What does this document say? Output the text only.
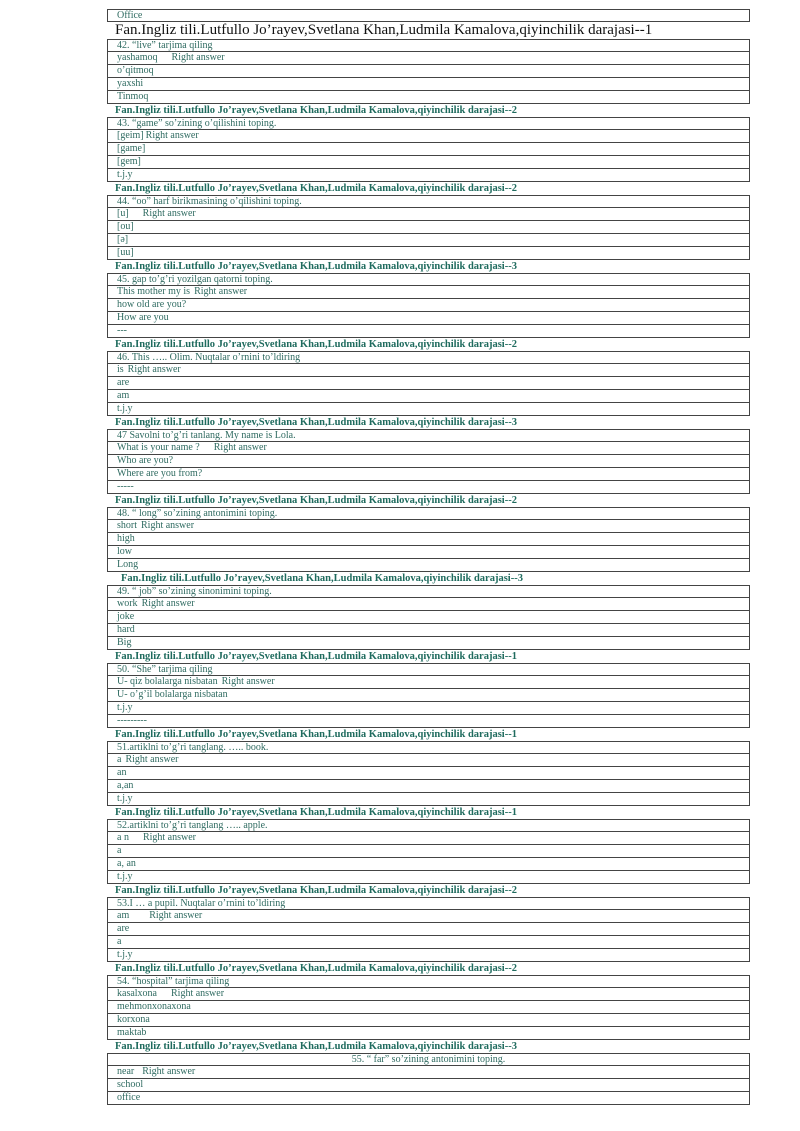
Office
Fan.Ingliz tili.Lutfullo Jo’rayev,Svetlana Khan,Ludmila Kamalova,qiyinchilik darajasi--1
42. “live” tarjima qiling
yashamoq Right answer
o’qitmoq
yaxshi
Tinmoq
Fan.Ingliz tili.Lutfullo Jo’rayev,Svetlana Khan,Ludmila Kamalova,qiyinchilik darajasi--2
43. “game” so’zining o’qilishini toping.
[geim] Right answer
[game]
[gem]
t.j.y
Fan.Ingliz tili.Lutfullo Jo’rayev,Svetlana Khan,Ludmila Kamalova,qiyinchilik darajasi--2
44. “oo” harf birikmasining o’qilishini toping.
[u] Right answer
[ou]
[ə]
[uu]
Fan.Ingliz tili.Lutfullo Jo’rayev,Svetlana Khan,Ludmila Kamalova,qiyinchilik darajasi--3
45. gap to’g’ri yozilgan qatorni toping.
This mother my is Right answer
how old are you?
How are you
---
Fan.Ingliz tili.Lutfullo Jo’rayev,Svetlana Khan,Ludmila Kamalova,qiyinchilik darajasi--2
46. This ….. Olim. Nuqtalar o’rnini to’ldiring
is Right answer
are
am
t.j.y
Fan.Ingliz tili.Lutfullo Jo’rayev,Svetlana Khan,Ludmila Kamalova,qiyinchilik darajasi--3
47 Savolni to’g’ri tanlang. My name is Lola.
What is your name ? Right answer
Who are you?
Where are you from?
-----
Fan.Ingliz tili.Lutfullo Jo’rayev,Svetlana Khan,Ludmila Kamalova,qiyinchilik darajasi--2
48. “ long” so’zining antonimini toping.
short Right answer
high
low
Long
Fan.Ingliz tili.Lutfullo Jo’rayev,Svetlana Khan,Ludmila Kamalova,qiyinchilik darajasi--3
49. “ job” so’zining sinonimini toping.
work Right answer
joke
hard
Big
Fan.Ingliz tili.Lutfullo Jo’rayev,Svetlana Khan,Ludmila Kamalova,qiyinchilik darajasi--1
50. “She” tarjima qiling
U- qiz bolalarga nisbatan Right answer
U- o’g’il bolalarga nisbatan
t.j.y
---------
Fan.Ingliz tili.Lutfullo Jo’rayev,Svetlana Khan,Ludmila Kamalova,qiyinchilik darajasi--1
51.artiklni to’g’ri tanglang. ….. book.
a Right answer
an
a,an
t.j.y
Fan.Ingliz tili.Lutfullo Jo’rayev,Svetlana Khan,Ludmila Kamalova,qiyinchilik darajasi--1
52.artiklni to’g’ri tanglang ….. apple.
a n Right answer
a
a, an
t.j.y
Fan.Ingliz tili.Lutfullo Jo’rayev,Svetlana Khan,Ludmila Kamalova,qiyinchilik darajasi--2
53.I … a pupil. Nuqtalar o’rnini to’ldiring
am Right answer
are
a
t.j.y
Fan.Ingliz tili.Lutfullo Jo’rayev,Svetlana Khan,Ludmila Kamalova,qiyinchilik darajasi--2
54. “hospital” tarjima qiling
kasalxona Right answer
mehmonxonaxona
korxona
maktab
Fan.Ingliz tili.Lutfullo Jo’rayev,Svetlana Khan,Ludmila Kamalova,qiyinchilik darajasi--3
55. “ far” so’zining antonimini toping.
near Right answer
school
office
